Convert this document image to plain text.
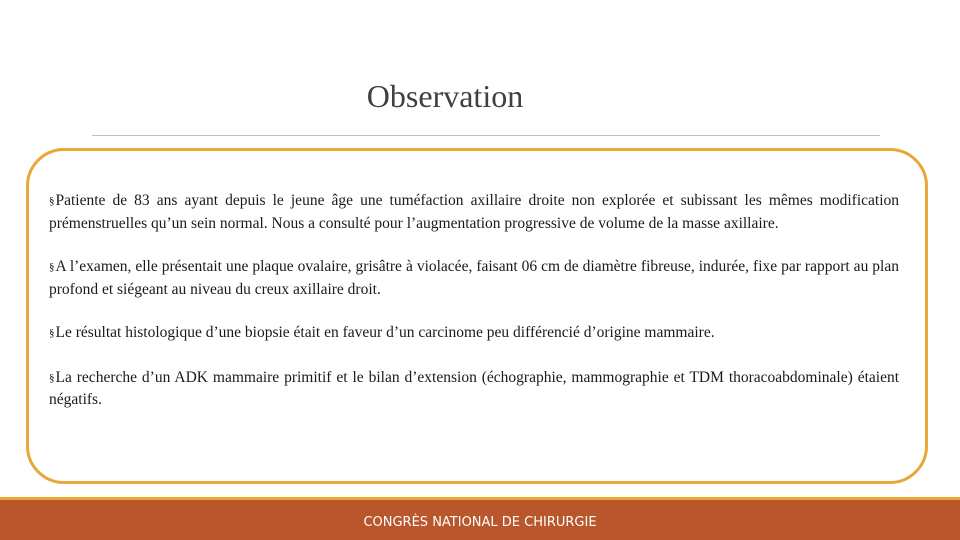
Observation

§Patiente de 83 ans ayant depuis le jeune âge une tuméfaction axillaire droite non explorée et subissant les mêmes modification prémenstruelles qu’un sein normal. Nous a consulté pour l’augmentation progressive de volume de la masse axillaire.

§A l’examen, elle présentait une plaque ovalaire, grisâtre à violacée, faisant 06 cm de diamètre fibreuse, indurée, fixe par rapport au plan profond et siégeant au niveau du creux axillaire droit.

§Le résultat histologique d’une biopsie était en faveur d’un carcinome peu différencié d’origine mammaire.

§La recherche d’un ADK mammaire primitif et le bilan d’extension (échographie, mammographie et TDM thoracoabdominale) étaient négatifs.

CONGRÈS NATIONAL DE CHIRURGIE
